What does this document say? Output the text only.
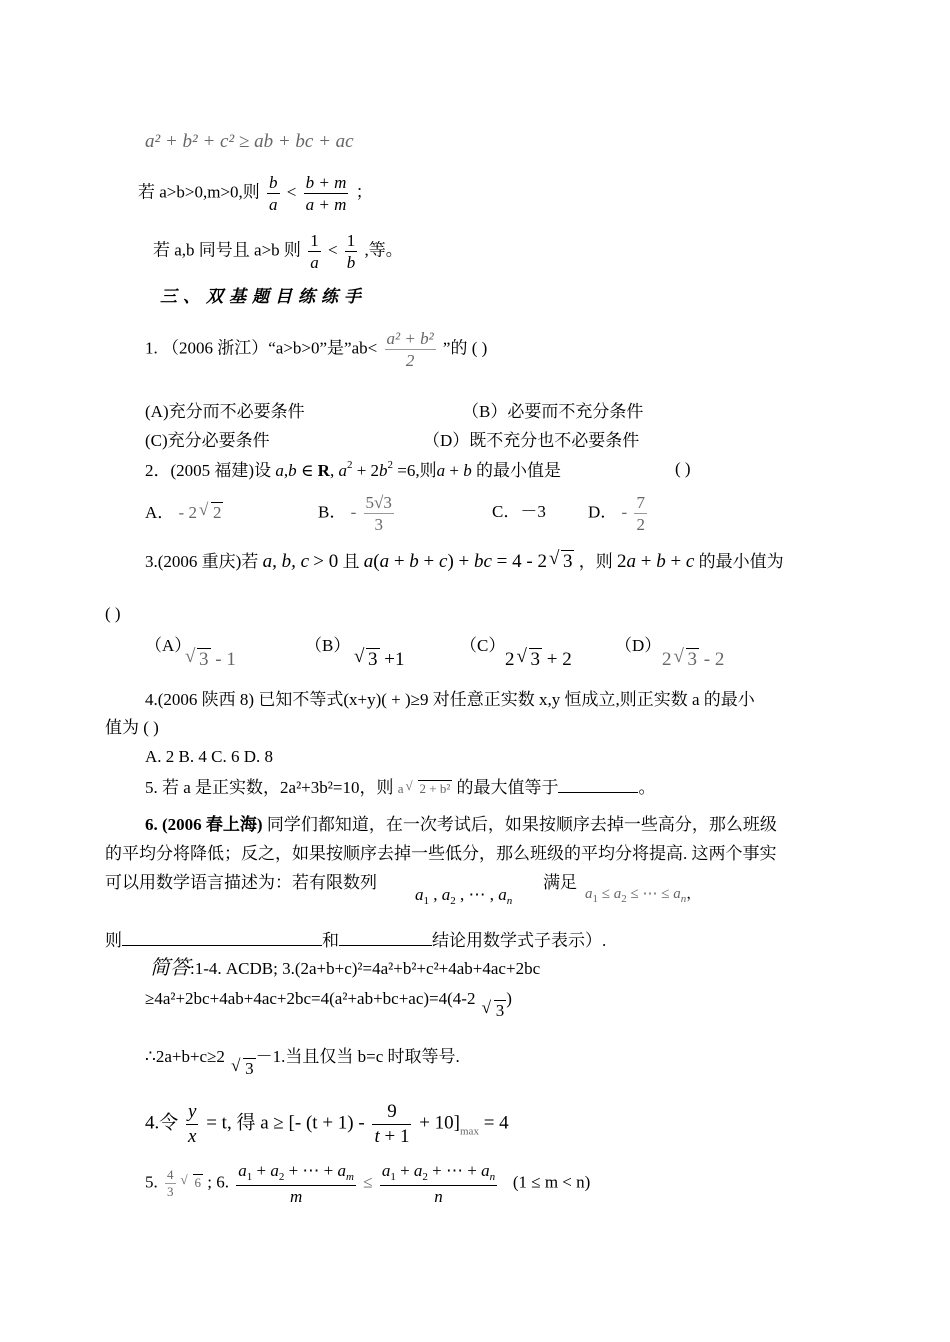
a² + b² + c² ≥ ab + bc + ac
若 a>b>0,m>0,则 $\frac{b}{a} < \frac{b + m}{a + m}$ ；
若 a,b 同号且 a>b 则 $\frac{1}{a} < \frac{1}{b}$ ,等。
三、双基题目练练手
1. （2006 浙江）“a>b>0”是”ab< $\frac{\text{a² + b²}}{2}$ ”的 ( )
(A)充分而不必要条件	（B）必要而不充分条件
(C)充分必要条件	（D）既不充分也不必要条件
2．(2005 福建)设 a,b ∈ R, $a^2 + 2b^2 =6$,则a + b 的最小值是	( )
A． - 2 √ 2	B． - $\frac{5√3}{3}$	C．－3 D． - $\frac{7}{2}$
3.(2006 重庆)若 a, b, c > 0 且 a(a + b + c) + bc = 4 - 2 √ 3 ，则 2a + b + c 的最小值为
( )
（A）
√ 3 - 1
（B）
√ 3 +1
（C）
2 √ 3 + 2
（D）
2 √ 3 - 2
4.(2006 陕西 8) 已知不等式(x+y)( + )≥9 对任意正实数 x,y 恒成立,则正实数 a 的最小
值为 ( )
A. 2 B. 4 C. 6 D. 8
5. 若 a 是正实数，2a²+3b²=10，则 a √ 2 + b² 的最大值等于	。
6. (2006 春上海) 同学们都知道，在一次考试后，如果按顺序去掉一些高分，那么班级
的平均分将降低；反之，如果按顺序去掉一些低分，那么班级的平均分将提高. 这两个事实
可以用数学语言描述为：若有限数列
$a_1$ , $a_2$ , ⋯ , $a_n$
满足
$a_1 \le a_2$ ≤ ⋯ ≤ $a_n$，
则	和	结论用数学式子表示）.
简答:1-4. ACDB; 3.(2a+b+c)²=4a²+b²+c²+4ab+4ac+2bc
≥4a²+2bc+4ab+4ac+2bc=4(a²+ab+bc+ac)=4(4-2 √ 3)
∴2a+b+c≥2 √ 3－1.当且仅当 b=c 时取等号.
4.令 $\frac{y}{x} = t$, 得 a ≥ [- $(t + 1) - \frac{9}{t + 1} + 10]_{max} = 4$
5. $\frac{4}{3}$ √ 6 ; 6. $\frac{a_1 + a_2 + \cdots + a_m}{m} \le \frac{a_1 + a_2 + \cdots + a_n}{n} (1 \le m < n)$
